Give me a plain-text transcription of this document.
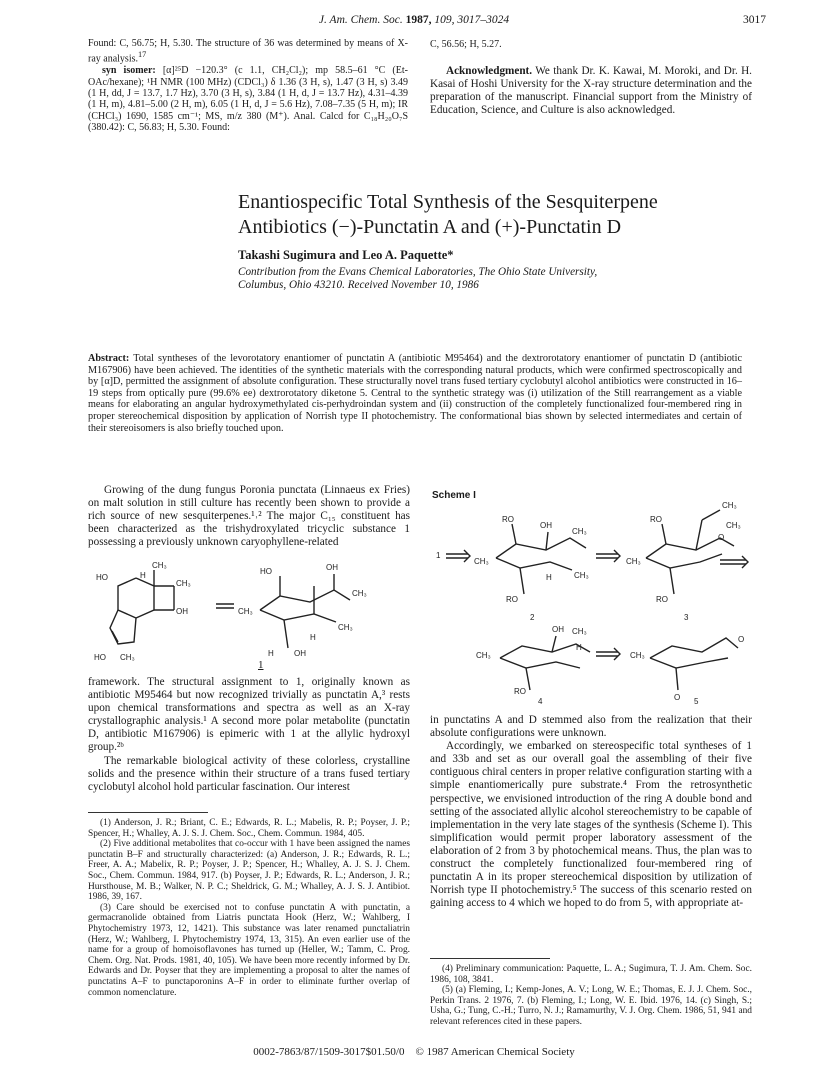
J. Am. Chem. Soc. 1987, 109, 3017–3024	3017

Found: C, 56.75; H, 5.30. The structure of 36 was determined by means of X-ray analysis.$^{17}$

syn isomer: [α]²⁵D −120.3° (c 1.1, CH₂Cl₂); mp 58.5–61 °C (Et-OAc/hexane); ¹H NMR (100 MHz) (CDCl₃) δ 1.36 (3 H, s), 1.47 (3 H, s) 3.49 (1 H, dd, J = 13.7, 1.7 Hz), 3.70 (3 H, s), 3.84 (1 H, d, J = 13.7 Hz), 4.31–4.39 (1 H, m), 4.81–5.00 (2 H, m), 6.05 (1 H, d, J = 5.6 Hz), 7.08–7.35 (5 H, m); IR (CHCl₃) 1690, 1585 cm⁻¹; MS, m/z 380 (M⁺). Anal. Calcd for C₁₈H₂₀O₇S (380.42): C, 56.83; H, 5.30. Found:

C, 56.56; H, 5.27.

Acknowledgment. We thank Dr. K. Kawai, M. Moroki, and Dr. H. Kasai of Hoshi University for the X-ray structure determination and the preparation of the manuscript. Financial support from the Ministry of Education, Science, and Culture is also acknowledged.

Enantiospecific Total Synthesis of the Sesquiterpene
Antibiotics (−)-Punctatin A and (+)-Punctatin D
Takashi Sugimura and Leo A. Paquette*
Contribution from the Evans Chemical Laboratories, The Ohio State University,
Columbus, Ohio 43210. Received November 10, 1986
Abstract: Total syntheses of the levorotatory enantiomer of punctatin A (antibiotic M95464) and the dextrorotatory enantiomer of punctatin D (antibiotic M167906) have been achieved. The identities of the synthetic materials with the corresponding natural products, which were confirmed spectroscopically and by [α]D, permitted the assignment of absolute configuration. These structurally novel trans fused tertiary cyclobutyl alcohol antibiotics were constructed in 16–19 steps from optically pure (99.6% ee) dextrorotatory diketone 5. Central to the synthetic strategy was (i) utilization of the Still rearrangement as a viable means for elaborating an angular hydroxymethylated cis-perhydroindan system and (ii) construction of the completely functionalized four-membered ring in proper stereochemical disposition by application of Norrish type II photochemistry. The conformational bias shown by selected intermediates and certain of their stereoisomers is also briefly touched upon.

Growing of the dung fungus Poronia punctata (Linnaeus ex Fries) on malt solution in still culture has recently been shown to provide a rich source of new sesquiterpenes.¹˒² The major C₁₅ constituent has been characterized as the trishydroxylated tricyclic substance 1 possessing a previously unknown caryophyllene-related

CH₃
HO	H
CH₃
OH
HO CH₃
HO	OH
CH₃
CH₃
CH₃
H
H	OH
1

framework. The structural assignment to 1, originally known as antibiotic M95464 but now recognized trivially as punctatin A,³ rests upon chemical transformations and spectra as well as an X-ray crystallographic analysis.¹ A second more polar metabolite (punctatin D, antibiotic M167906) is epimeric with 1 at the allylic hydroxyl group.²ᵇ

The remarkable biological activity of these colorless, crystalline solids and the presence within their structure of a trans fused tertiary cyclobutyl alcohol hold particular fascination. Our interest

(1) Anderson, J. R.; Briant, C. E.; Edwards, R. L.; Mabelis, R. P.; Poyser, J. P.; Spencer, H.; Whalley, A. J. S. J. Chem. Soc., Chem. Commun. 1984, 405.

(2) Five additional metabolites that co-occur with 1 have been assigned the names punctatin B–F and structurally characterized: (a) Anderson, J. R.; Edwards, R. L.; Freer, A. A.; Mabelix, R. P.; Poyser, J. P.; Spencer, H.; Whalley, A. J. S. J. Chem. Soc., Chem. Commun. 1984, 917. (b) Poyser, J. P.; Edwards, R. L.; Anderson, J. R.; Hursthouse, M. B.; Walker, N. P. C.; Sheldrick, G. M.; Whalley, A. J. S. J. Antibiot. 1986, 39, 167.

(3) Care should be exercised not to confuse punctatin A with punctatin, a germacranolide obtained from Liatris punctata Hook (Herz, W.; Wahlberg, I Phytochemistry 1973, 12, 1421). This substance was later renamed punctaliatrin (Herz, W.; Wahlberg, I. Phytochemistry 1974, 13, 315). An even earlier use of the name for a group of homoisoflavones has turned up (Heller, W.; Tamm, C. Prog. Chem. Org. Nat. Prods. 1981, 40, 105). We have been more recently informed by Dr. Edwards and Dr. Poyser that they are implementing a proposal to alter the names of punctatins A–F to punctaporonins A–F in order to eliminate further overlap of common nomenclature.

Scheme I
1
RO
OH
CH₃
CH₃
CH₃
H
RO
2
RO
CH₃
CH₃
O
CH₃
RO
3
OH CH₃
CH₃
H
RO
4
CH₃
O
O 5

in punctatins A and D stemmed also from the realization that their absolute configurations were unknown.

Accordingly, we embarked on stereospecific total syntheses of 1 and 33b and set as our overall goal the assembling of their five contiguous chiral centers in proper relative configuration starting with a simple enantiomerically pure substrate.⁴ From the retrosynthetic perspective, we envisioned introduction of the ring A double bond and setting of the associated allylic alcohol stereochemistry to be capable of implementation in the very late stages of the synthesis (Scheme I). This simplification would permit proper laboratory assessment of the elaboration of 2 from 3 by photochemical means. Thus, the plan was to construct the completely functionalized four-membered ring of punctatin A in its proper stereochemical disposition by utilization of Norrish type II photochemistry.⁵ The success of this scenario rested on gaining access to 4 which we hoped to do from 5, with appropriate at-

(4) Preliminary communication: Paquette, L. A.; Sugimura, T. J. Am. Chem. Soc. 1986, 108, 3841.

(5) (a) Fleming, I.; Kemp-Jones, A. V.; Long, W. E.; Thomas, E. J. J. Chem. Soc., Perkin Trans. 2 1976, 7. (b) Fleming, I.; Long, W. E. Ibid. 1976, 14. (c) Singh, S.; Usha, G.; Tung, C.-H.; Turro, N. J.; Ramamurthy, V. J. Org. Chem. 1986, 51, 941 and relevant references cited in these papers.

0002-7863/87/1509-3017$01.50/0 © 1987 American Chemical Society
